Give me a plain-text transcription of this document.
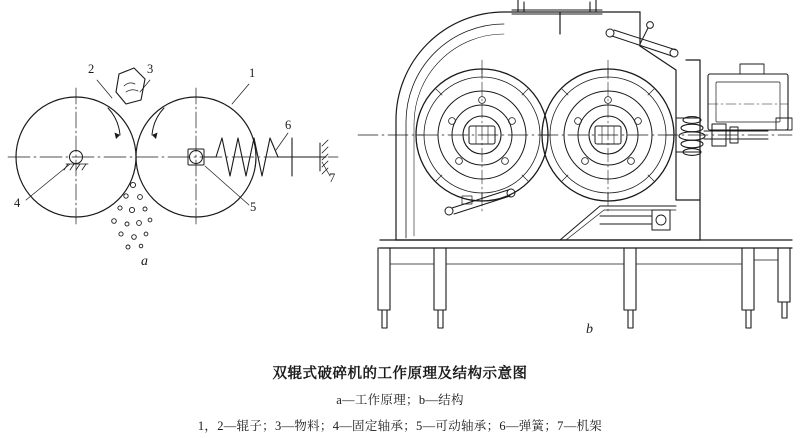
1
2	3
4	5
6
7
a
b
双辊式破碎机的工作原理及结构示意图
a—工作原理；b—结构
1，2—辊子；3—物料；4—固定轴承；5—可动轴承；6—弹簧；7—机架
